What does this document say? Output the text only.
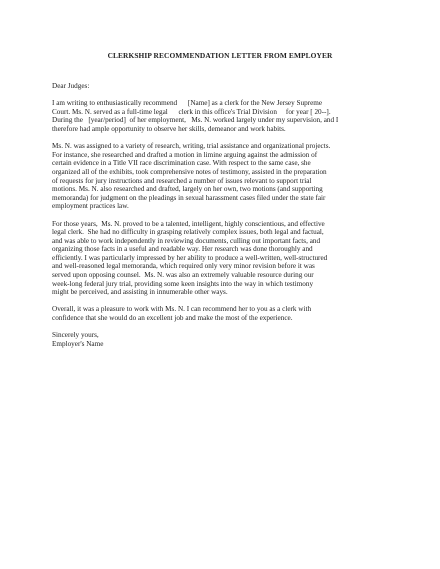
CLERKSHIP RECOMMENDATION LETTER FROM EMPLOYER
Dear Judges:
I am writing to enthusiastically recommend      [Name] as a clerk for the New Jersey Supreme
Court. Ms. N. served as a full-time legal      clerk in this office's Trial Division     for year [ 20--].
During the   [year/period]  of her employment,   Ms. N. worked largely under my supervision, and I
therefore had ample opportunity to observe her skills, demeanor and work habits.
Ms. N. was assigned to a variety of research, writing, trial assistance and organizational projects.
For instance, she researched and drafted a motion in limine arguing against the admission of
certain evidence in a Title VII race discrimination case. With respect to the same case, she
organized all of the exhibits, took comprehensive notes of testimony, assisted in the preparation
of requests for jury instructions and researched a number of issues relevant to support trial
motions. Ms. N. also researched and drafted, largely on her own, two motions (and supporting
memoranda) for judgment on the pleadings in sexual harassment cases filed under the state fair
employment practices law.
For those years,  Ms. N. proved to be a talented, intelligent, highly conscientious, and effective
legal clerk.  She had no difficulty in grasping relatively complex issues, both legal and factual,
and was able to work independently in reviewing documents, culling out important facts, and
organizing those facts in a useful and readable way. Her research was done thoroughly and
efficiently. I was particularly impressed by her ability to produce a well-written, well-structured
and well-reasoned legal memoranda, which required only very minor revision before it was
served upon opposing counsel.  Ms. N. was also an extremely valuable resource during our
week-long federal jury trial, providing some keen insights into the way in which testimony
might be perceived, and assisting in innumerable other ways.
Overall, it was a pleasure to work with Ms. N. I can recommend her to you as a clerk with
confidence that she would do an excellent job and make the most of the experience.
Sincerely yours,
Employer's Name
